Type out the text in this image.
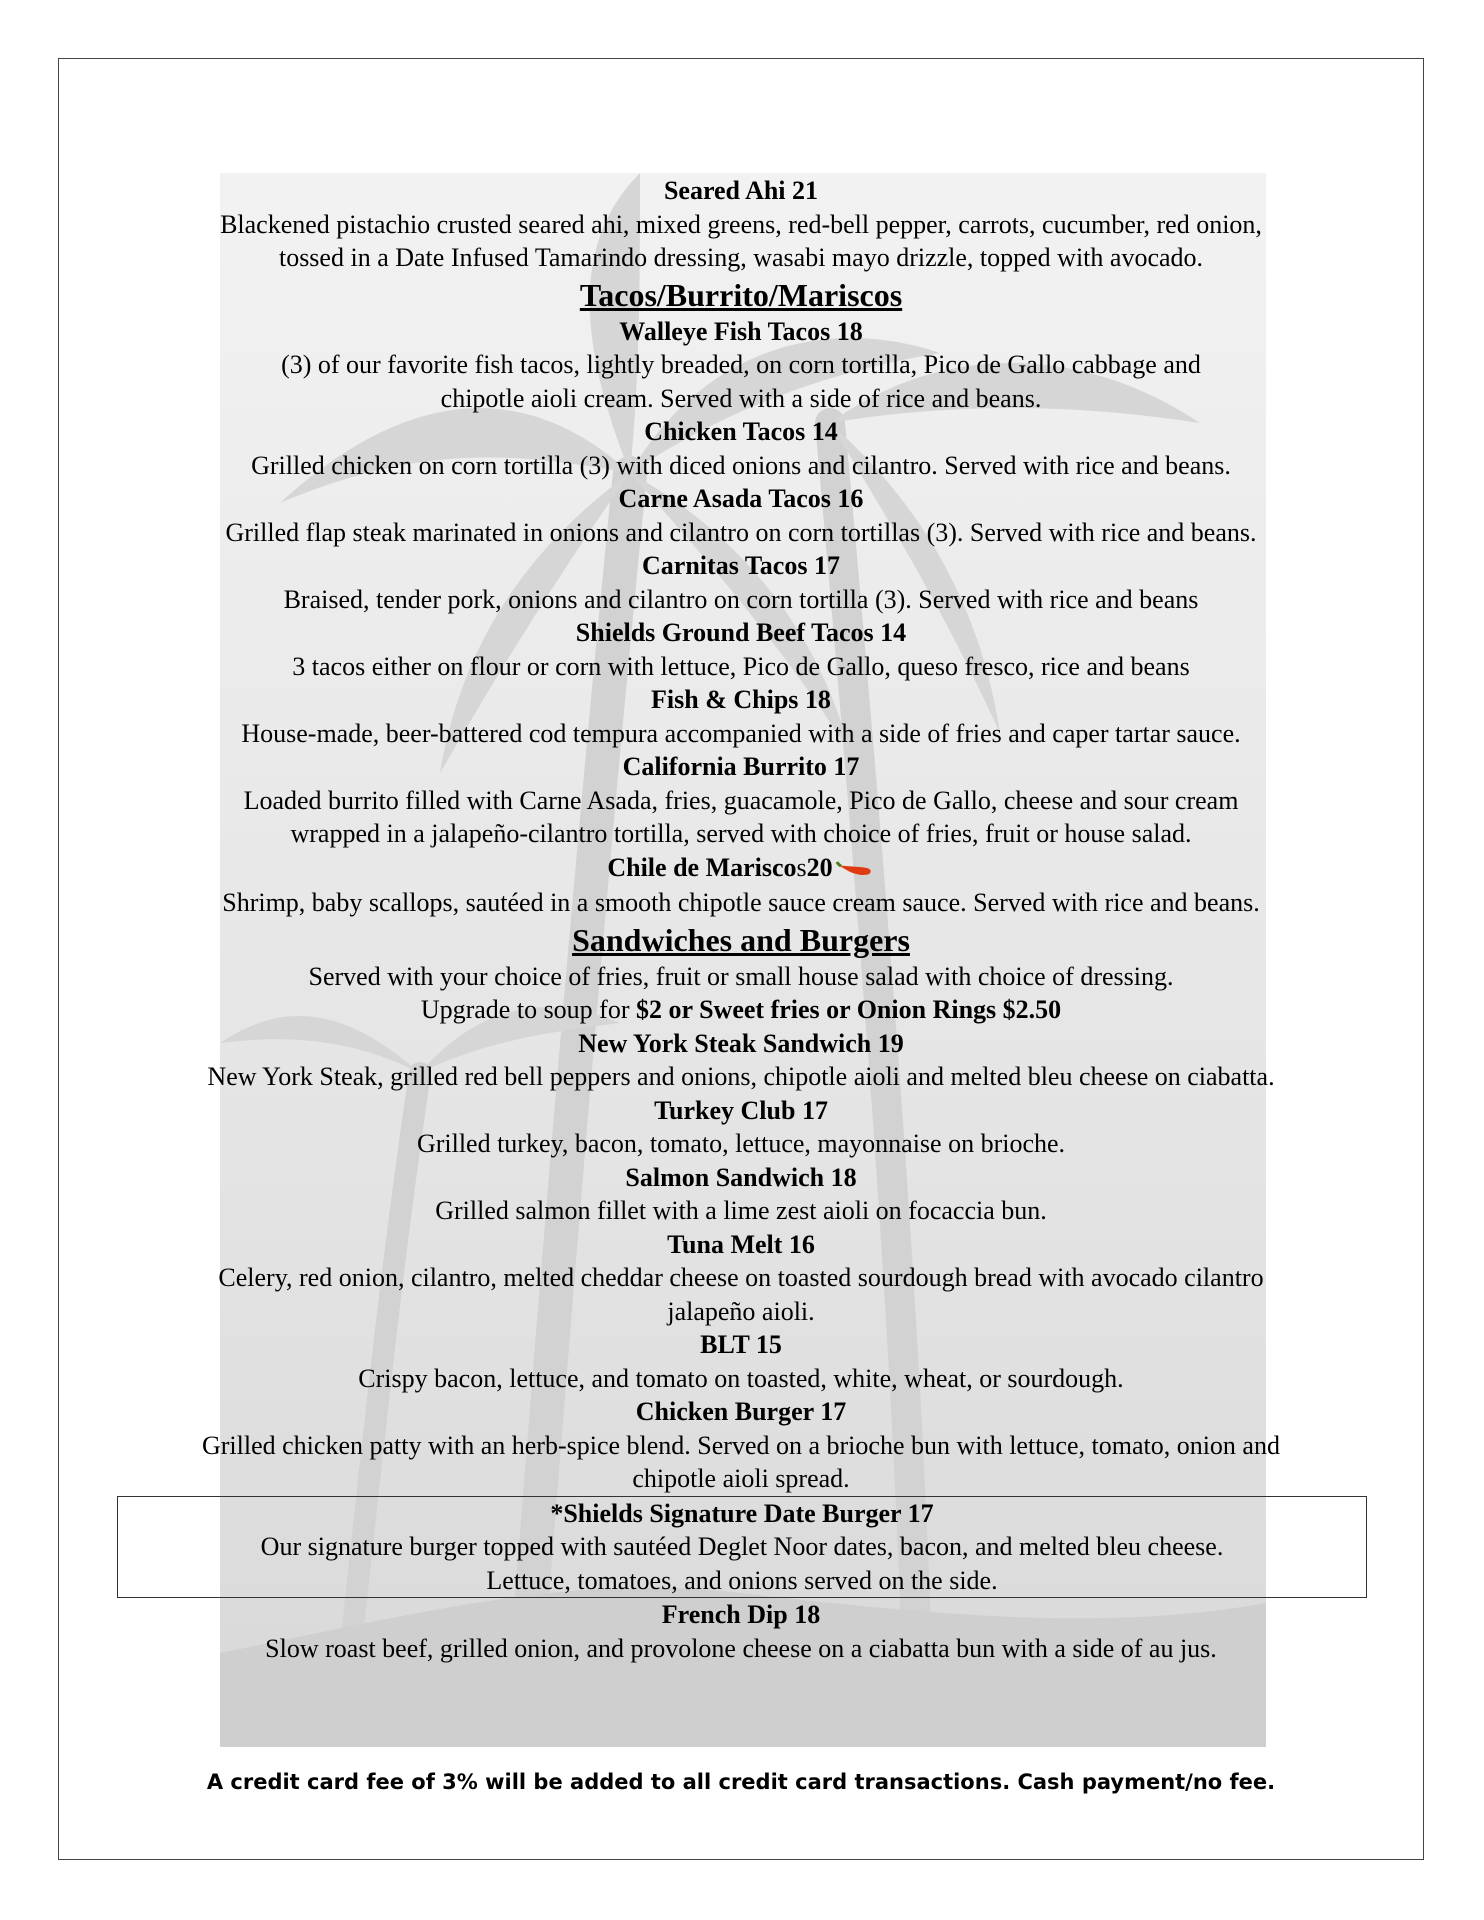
Seared Ahi 21
Blackened pistachio crusted seared ahi, mixed greens, red-bell pepper, carrots, cucumber, red onion,
tossed in a Date Infused Tamarindo dressing, wasabi mayo drizzle, topped with avocado.
Tacos/Burrito/Mariscos
Walleye Fish Tacos 18
(3) of our favorite fish tacos, lightly breaded, on corn tortilla, Pico de Gallo cabbage and
chipotle aioli cream. Served with a side of rice and beans.
Chicken Tacos 14
Grilled chicken on corn tortilla (3) with diced onions and cilantro. Served with rice and beans.
Carne Asada Tacos 16
Grilled flap steak marinated in onions and cilantro on corn tortillas (3). Served with rice and beans.
Carnitas Tacos 17
Braised, tender pork, onions and cilantro on corn tortilla (3). Served with rice and beans
Shields Ground Beef Tacos 14
3 tacos either on flour or corn with lettuce, Pico de Gallo, queso fresco, rice and beans
Fish & Chips 18
House-made, beer-battered cod tempura accompanied with a side of fries and caper tartar sauce.
California Burrito 17
Loaded burrito filled with Carne Asada, fries, guacamole, Pico de Gallo, cheese and sour cream
wrapped in a jalapeño-cilantro tortilla, served with choice of fries, fruit or house salad.
Chile de Mariscos20
Shrimp, baby scallops, sautéed in a smooth chipotle sauce cream sauce. Served with rice and beans.
Sandwiches and Burgers
Served with your choice of fries, fruit or small house salad with choice of dressing.
Upgrade to soup for $2 or Sweet fries or Onion Rings $2.50
New York Steak Sandwich 19
New York Steak, grilled red bell peppers and onions, chipotle aioli and melted bleu cheese on ciabatta.
Turkey Club 17
Grilled turkey, bacon, tomato, lettuce, mayonnaise on brioche.
Salmon Sandwich 18
Grilled salmon fillet with a lime zest aioli on focaccia bun.
Tuna Melt 16
Celery, red onion, cilantro, melted cheddar cheese on toasted sourdough bread with avocado cilantro
jalapeño aioli.
BLT 15
Crispy bacon, lettuce, and tomato on toasted, white, wheat, or sourdough.
Chicken Burger 17
Grilled chicken patty with an herb-spice blend. Served on a brioche bun with lettuce, tomato, onion and
chipotle aioli spread.
*Shields Signature Date Burger 17
Our signature burger topped with sautéed Deglet Noor dates, bacon, and melted bleu cheese.
Lettuce, tomatoes, and onions served on the side.
French Dip 18
Slow roast beef, grilled onion, and provolone cheese on a ciabatta bun with a side of au jus.
A credit card fee of 3% will be added to all credit card transactions. Cash payment/no fee.
